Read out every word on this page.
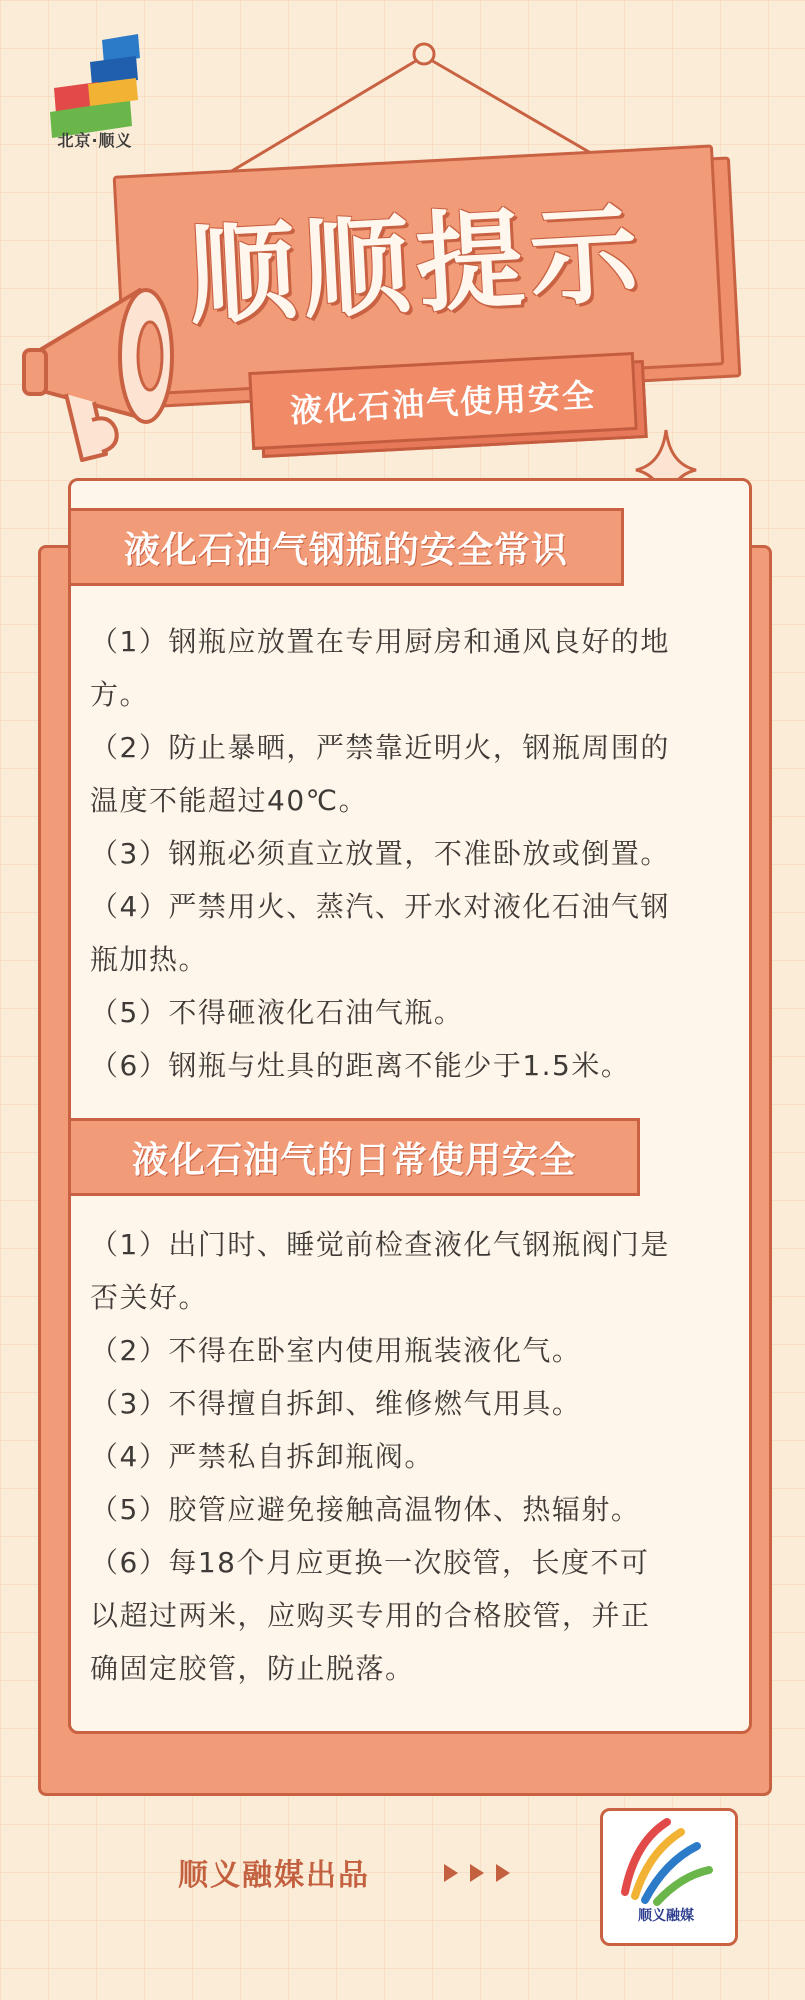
北京·顺义
顺顺提示
液化石油气使用安全
液化石油气钢瓶的安全常识
（1）钢瓶应放置在专用厨房和通风良好的地
方。
（2）防止暴晒，严禁靠近明火，钢瓶周围的
温度不能超过40℃。
（3）钢瓶必须直立放置，不准卧放或倒置。
（4）严禁用火、蒸汽、开水对液化石油气钢
瓶加热。
（5）不得砸液化石油气瓶。
（6）钢瓶与灶具的距离不能少于1.5米。
液化石油气的日常使用安全
（1）出门时、睡觉前检查液化气钢瓶阀门是
否关好。
（2）不得在卧室内使用瓶装液化气。
（3）不得擅自拆卸、维修燃气用具。
（4）严禁私自拆卸瓶阀。
（5）胶管应避免接触高温物体、热辐射。
（6）每18个月应更换一次胶管，长度不可
以超过两米，应购买专用的合格胶管，并正
确固定胶管，防止脱落。
顺义融媒出品
顺义融媒
